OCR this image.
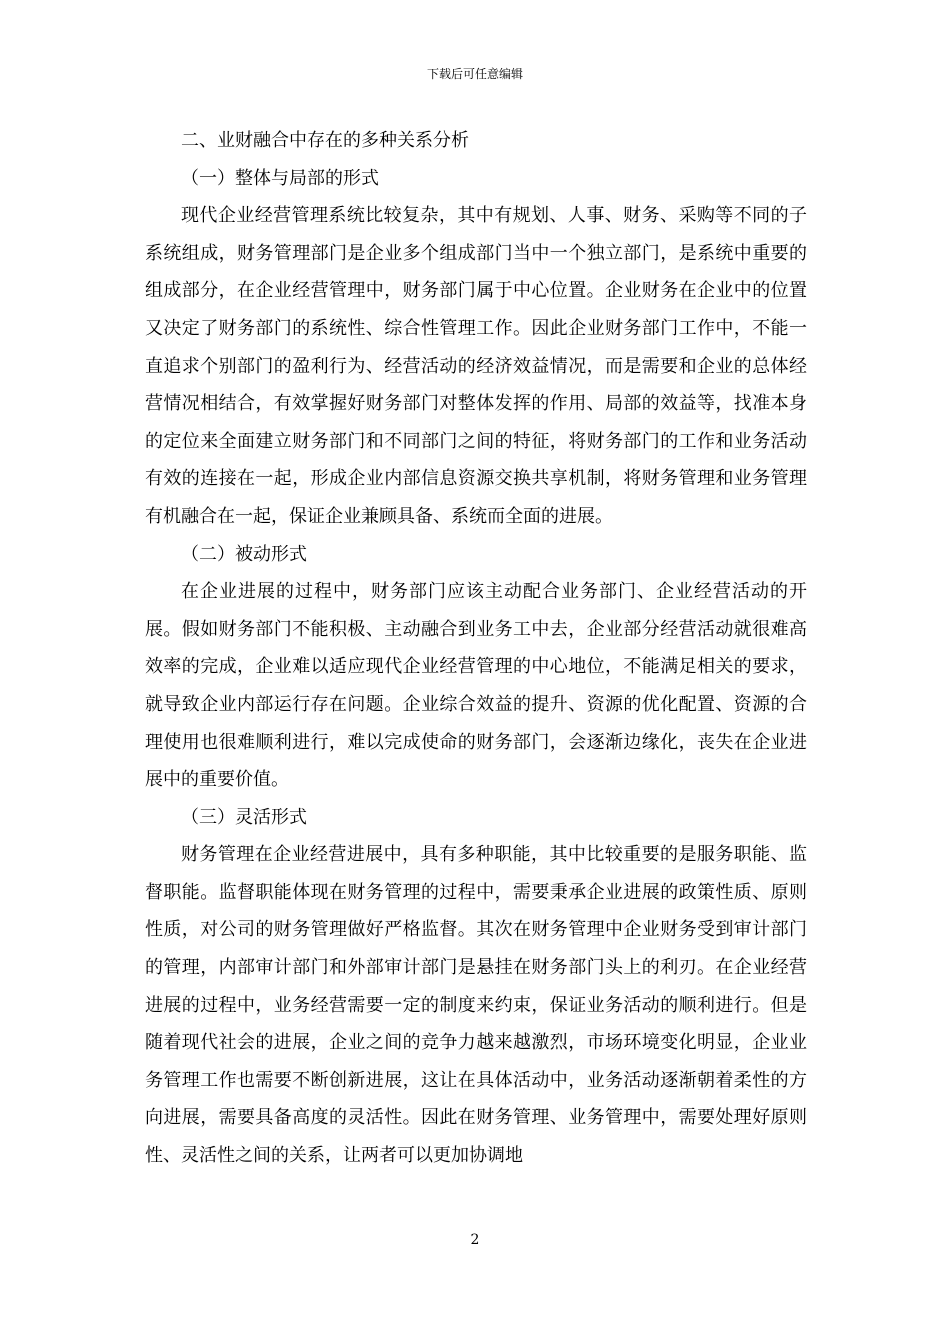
下载后可任意编辑

二、业财融合中存在的多种关系分析

（一）整体与局部的形式

现代企业经营管理系统比较复杂，其中有规划、人事、财务、采购等不同的子系统组成，财务管理部门是企业多个组成部门当中一个独立部门，是系统中重要的组成部分，在企业经营管理中，财务部门属于中心位置。企业财务在企业中的位置又决定了财务部门的系统性、综合性管理工作。因此企业财务部门工作中，不能一直追求个别部门的盈利行为、经营活动的经济效益情况，而是需要和企业的总体经营情况相结合，有效掌握好财务部门对整体发挥的作用、局部的效益等，找准本身的定位来全面建立财务部门和不同部门之间的特征，将财务部门的工作和业务活动有效的连接在一起，形成企业内部信息资源交换共享机制，将财务管理和业务管理有机融合在一起，保证企业兼顾具备、系统而全面的进展。

（二）被动形式

在企业进展的过程中，财务部门应该主动配合业务部门、企业经营活动的开展。假如财务部门不能积极、主动融合到业务工中去，企业部分经营活动就很难高效率的完成，企业难以适应现代企业经营管理的中心地位，不能满足相关的要求，就导致企业内部运行存在问题。企业综合效益的提升、资源的优化配置、资源的合理使用也很难顺利进行，难以完成使命的财务部门，会逐渐边缘化，丧失在企业进展中的重要价值。

（三）灵活形式

财务管理在企业经营进展中，具有多种职能，其中比较重要的是服务职能、监督职能。监督职能体现在财务管理的过程中，需要秉承企业进展的政策性质、原则性质，对公司的财务管理做好严格监督。其次在财务管理中企业财务受到审计部门的管理，内部审计部门和外部审计部门是悬挂在财务部门头上的利刃。在企业经营进展的过程中，业务经营需要一定的制度来约束，保证业务活动的顺利进行。但是随着现代社会的进展，企业之间的竞争力越来越激烈，市场环境变化明显，企业业务管理工作也需要不断创新进展，这让在具体活动中，业务活动逐渐朝着柔性的方向进展，需要具备高度的灵活性。因此在财务管理、业务管理中，需要处理好原则性、灵活性之间的关系，让两者可以更加协调地

2
